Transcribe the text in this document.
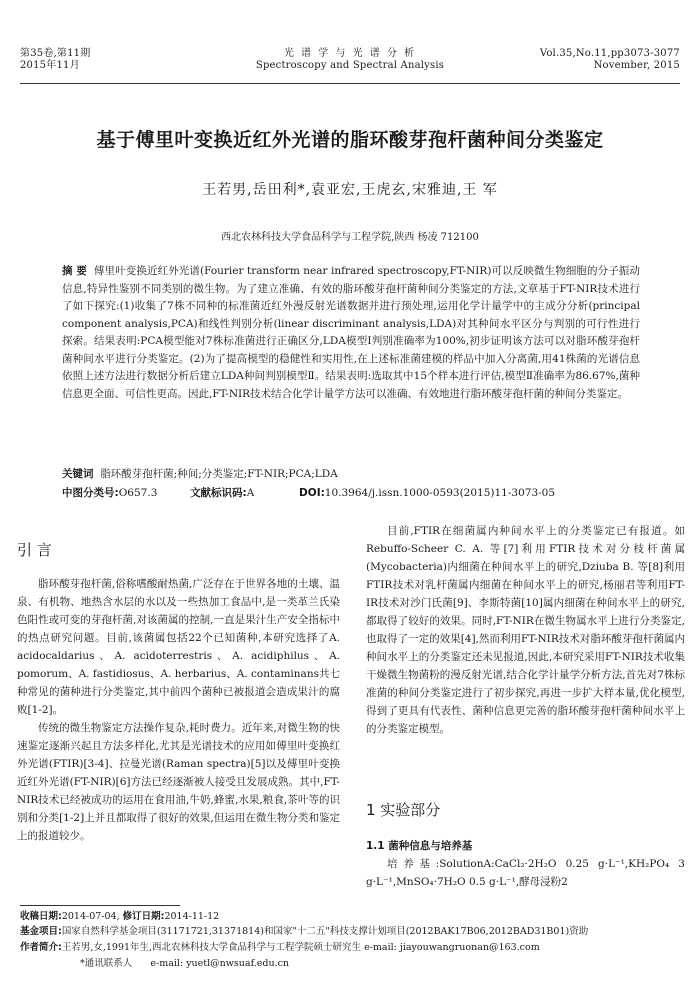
第35卷,第11期
2015年11月
光 谱 学 与 光 谱 分 析
Spectroscopy and Spectral Analysis
Vol.35,No.11,pp3073-3077
November, 2015
基于傅里叶变换近红外光谱的脂环酸芽孢杆菌种间分类鉴定
王若男,岳田利*,袁亚宏,王虎玄,宋雅迪,王 军
西北农林科技大学食品科学与工程学院,陕西 杨凌 712100
摘 要 傅里叶变换近红外光谱(Fourier transform near infrared spectroscopy,FT-NIR)可以反映微生物细胞的分子振动信息,特异性鉴别不同类别的微生物。为了建立准确、有效的脂环酸芽孢杆菌种间分类鉴定的方法,文章基于FT-NIR技术进行了如下探究:(1)收集了7株不同种的标准菌近红外漫反射光谱数据并进行预处理,运用化学计量学中的主成分分析(principal component analysis,PCA)和线性判别分析(linear discriminant analysis,LDA)对其种间水平区分与判别的可行性进行探索。结果表明:PCA模型能对7株标准菌进行正确区分,LDA模型Ⅰ判别准确率为100%,初步证明该方法可以对脂环酸芽孢杆菌种间水平进行分类鉴定。(2)为了提高模型的稳健性和实用性,在上述标准菌建模的样品中加入分离菌,用41株菌的光谱信息依照上述方法进行数据分析后建立LDA种间判别模型Ⅱ。结果表明:选取其中15个样本进行评估,模型Ⅱ准确率为86.67%,菌种信息更全面、可信性更高。因此,FT-NIR技术结合化学计量学方法可以准确、有效地进行脂环酸芽孢杆菌的种间分类鉴定。
关键词 脂环酸芽孢杆菌;种间;分类鉴定;FT-NIR;PCA;LDA
中图分类号:O657.3	文献标识码:A	DOI:10.3964/j.issn.1000-0593(2015)11-3073-05
引 言

脂环酸芽孢杆菌,俗称嗜酸耐热菌,广泛存在于世界各地的土壤、温泉、有机物、地热含水层的水以及一些热加工食品中,是一类革兰氏染色阳性或可变的芽孢杆菌,对该菌属的控制,一直是果汁生产安全指标中的热点研究问题。目前,该菌属包括22个已知菌种,本研究选择了A. acidocaldarius、A. acidoterrestris、A. acidiphilus、A. pomorum、A. fastidiosus、A. herbarius、A. contaminans共七种常见的菌种进行分类鉴定,其中前四个菌种已被报道会造成果汁的腐败[1-2]。

传统的微生物鉴定方法操作复杂,耗时费力。近年来,对微生物的快速鉴定逐渐兴起且方法多样化,尤其是光谱技术的应用如傅里叶变换红外光谱(FTIR)[3-4]、拉曼光谱(Raman spectra)[5]以及傅里叶变换近红外光谱(FT-NIR)[6]方法已经逐渐被人接受且发展成熟。其中,FT-NIR技术已经被成功的运用在食用油,牛奶,蜂蜜,水果,粮食,茶叶等的识别和分类[1-2]上并且都取得了很好的效果,但运用在微生物分类和鉴定上的报道较少。

目前,FTIR在细菌属内种间水平上的分类鉴定已有报道。如Rebuffo-Scheer C. A. 等[7]利用FTIR技术对分枝杆菌属(Mycobacteria)内细菌在种间水平上的研究,Dziuba B. 等[8]利用FTIR技术对乳杆菌属内细菌在种间水平上的研究,杨丽君等利用FT-IR技术对沙门氏菌[9]、李斯特菌[10]属内细菌在种间水平上的研究,都取得了较好的效果。同时,FT-NIR在微生物属水平上进行分类鉴定,也取得了一定的效果[4],然而利用FT-NIR技术对脂环酸芽孢杆菌属内种间水平上的分类鉴定还未见报道,因此,本研究采用FT-NIR技术收集干燥微生物菌粉的漫反射光谱,结合化学计量学分析方法,首先对7株标准菌的种间分类鉴定进行了初步探究,再进一步扩大样本量,优化模型,得到了更具有代表性、菌种信息更完善的脂环酸芽孢杆菌种间水平上的分类鉴定模型。

1 实验部分
1.1 菌种信息与培养基

培养基:SolutionA:CaCl₂·2H₂O 0.25 g·L⁻¹,KH₂PO₄ 3 g·L⁻¹,MnSO₄·7H₂O 0.5 g·L⁻¹,酵母浸粉2

收稿日期:2014-07-04, 修订日期:2014-11-12
基金项目:国家自然科学基金项目(31171721,31371814)和国家"十二五"科技支撑计划项目(2012BAK17B06,2012BAD31B01)资助
作者简介:王若男,女,1991年生,西北农林科技大学食品科学与工程学院硕士研究生 e-mail: jiayouwangruonan@163.com
*通讯联系人 e-mail: yuetl@nwsuaf.edu.cn
